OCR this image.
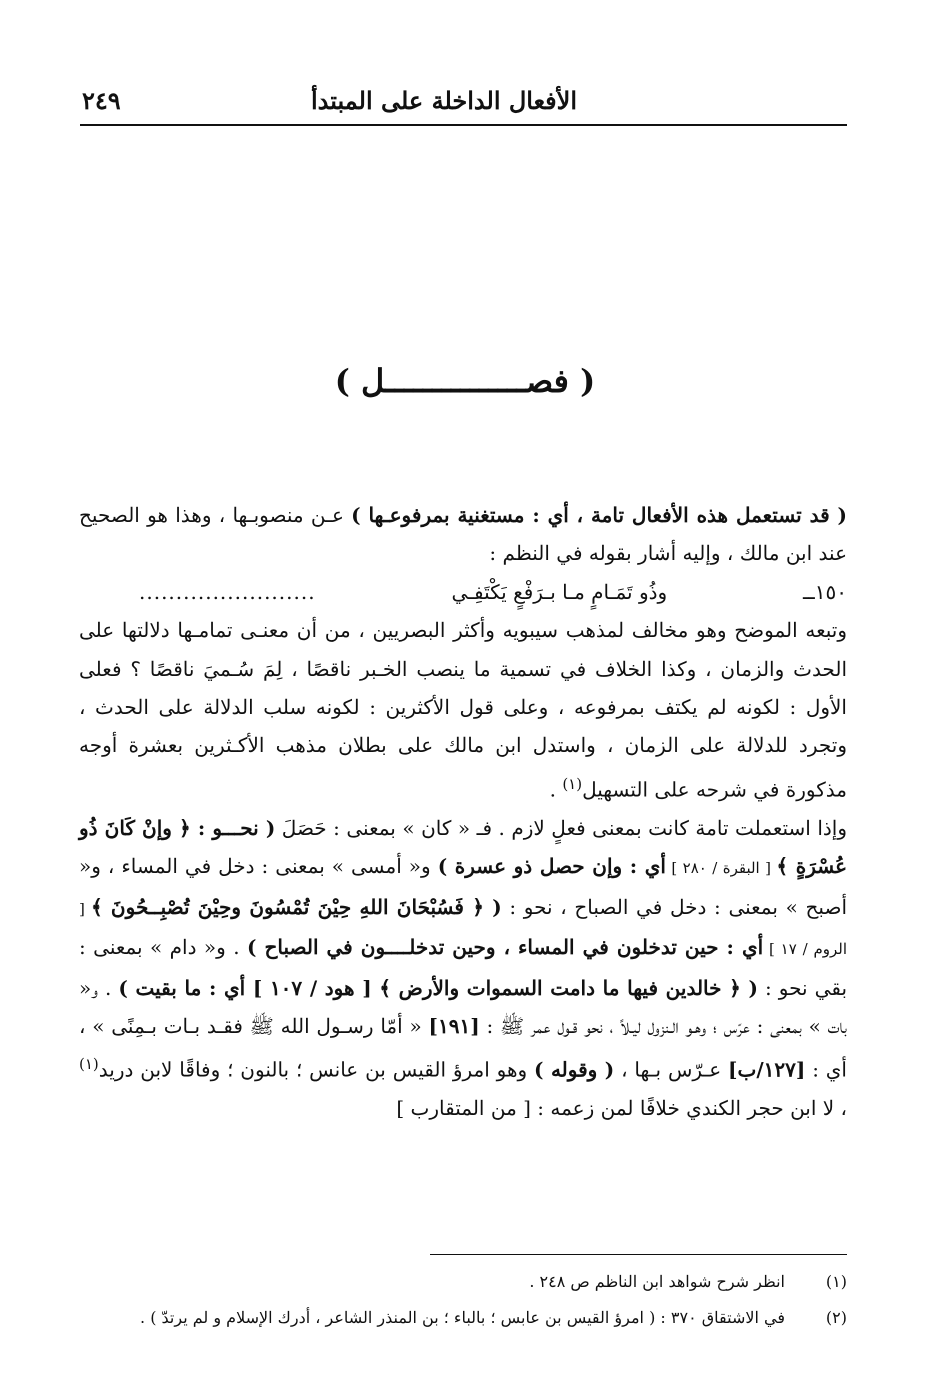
٢٤٩	الأفعال الداخلة على المبتدأ
( فصـــــــــــــــل )

( قد تستعمل هذه الأفعال تامة ، أي : مستغنية بمرفوعـها ) عـن منصوبـها ، وهذا هو الصحيح عند ابن مالك ، وإليه أشار بقوله في النظم :

١٥٠ــ
وذُو تَمَـامٍ مـا بـرَفْعٍ يَكْتَفِـي
........................

وتبعه الموضح وهو مخالف لمذهب سيبويه وأكثر البصريين ، من أن معنـى تمامـها دلالتها على الحدث والزمان ، وكذا الخلاف في تسمية ما ينصب الخـبر ناقصًا ، لِمَ سُـميَ ناقصًا ؟ فعلى الأول : لكونه لم يكتف بمرفوعه ، وعلى قول الأكثرين : لكونه سلب الدلالة على الحدث ، وتجرد للدلالة على الزمان ، واستدل ابن مالك على بطلان مذهب الأكـثرين بعشرة أوجه مذكورة في شرحه على التسهيل$^{(١)}$ .

وإذا استعملت تامة كانت بمعنى فعلٍ لازم . فـ « كان » بمعنى : حَصَلَ ( نحـــو : ﴿ وإنْ كَانَ ذُو عُسْرَةٍ ﴾ [ البقرة / ٢٨٠ ] أي : وإن حصل ذو عسرة ) و« أمسى » بمعنى : دخل في المساء ، و« أصبح » بمعنى : دخل في الصباح ، نحو : ( ﴿ فَسُبْحَانَ اللهِ حِيْنَ تُمْسُونَ وحِيْنَ تُصْبِــحُونَ ﴾ [ الروم / ١٧ ] أي : حين تدخلون في المساء ، وحين تدخلــــون في الصباح ) . و« دام » بمعنى : بقي نحو : ( ﴿ خالدين فيها ما دامت السموات والأرض ﴾ [ هود / ١٠٧ ] أي : ما بقيت ) . و« بات » بمعنى : عرّس ؛ وهـو الـنزول ليـلاً ، نحو قـول عمر ﷺ : [١٩١] « أمّا رسـول الله ﷺ فقـد بـات بـمِنًى » ، أي : [١٢٧/ب] عـرّس بـها ، ( وقوله ) وهو امرؤ القيس بن عانس ؛ بالنون ؛ وفاقًا لابن دريد$^{(١)}$ ، لا ابن حجر الكندي خلافًا لمن زعمه : [ من المتقارب ]

(١)انظر شرح شواهد ابن الناظم ص ٢٤٨ .
(٢)في الاشتقاق ٣٧٠ : ( امرؤ القيس بن عابس ؛ بالباء ؛ بن المنذر الشاعر ، أدرك الإسلام و لم يرتدّ ) .
